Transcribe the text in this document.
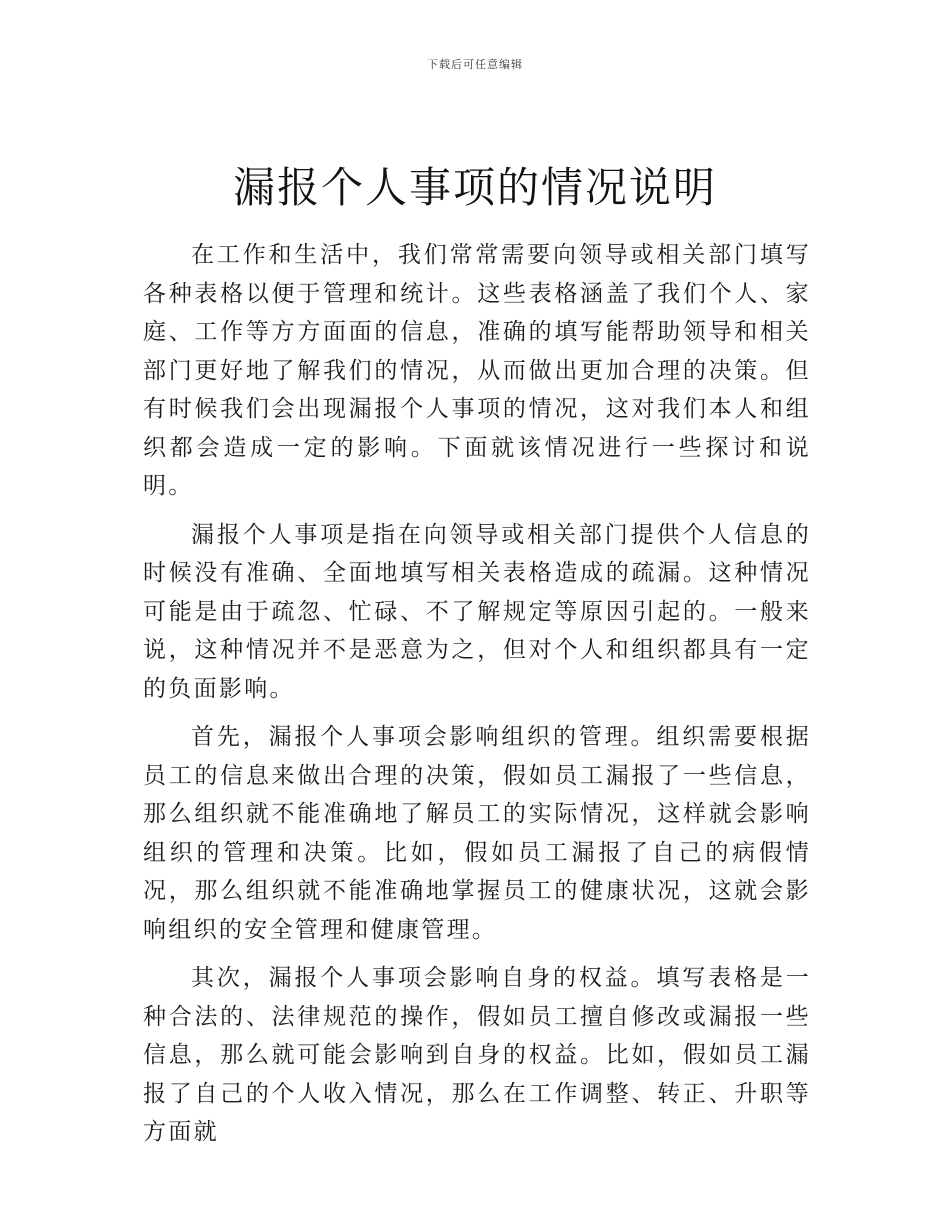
下载后可任意编辑
漏报个人事项的情况说明

在工作和生活中，我们常常需要向领导或相关部门填写各种表格以便于管理和统计。这些表格涵盖了我们个人、家庭、工作等方方面面的信息，准确的填写能帮助领导和相关部门更好地了解我们的情况，从而做出更加合理的决策。但有时候我们会出现漏报个人事项的情况，这对我们本人和组织都会造成一定的影响。下面就该情况进行一些探讨和说明。

漏报个人事项是指在向领导或相关部门提供个人信息的时候没有准确、全面地填写相关表格造成的疏漏。这种情况可能是由于疏忽、忙碌、不了解规定等原因引起的。一般来说，这种情况并不是恶意为之，但对个人和组织都具有一定的负面影响。

首先，漏报个人事项会影响组织的管理。组织需要根据员工的信息来做出合理的决策，假如员工漏报了一些信息，那么组织就不能准确地了解员工的实际情况，这样就会影响组织的管理和决策。比如，假如员工漏报了自己的病假情况，那么组织就不能准确地掌握员工的健康状况，这就会影响组织的安全管理和健康管理。

其次，漏报个人事项会影响自身的权益。填写表格是一种合法的、法律规范的操作，假如员工擅自修改或漏报一些信息，那么就可能会影响到自身的权益。比如，假如员工漏报了自己的个人收入情况，那么在工作调整、转正、升职等方面就
